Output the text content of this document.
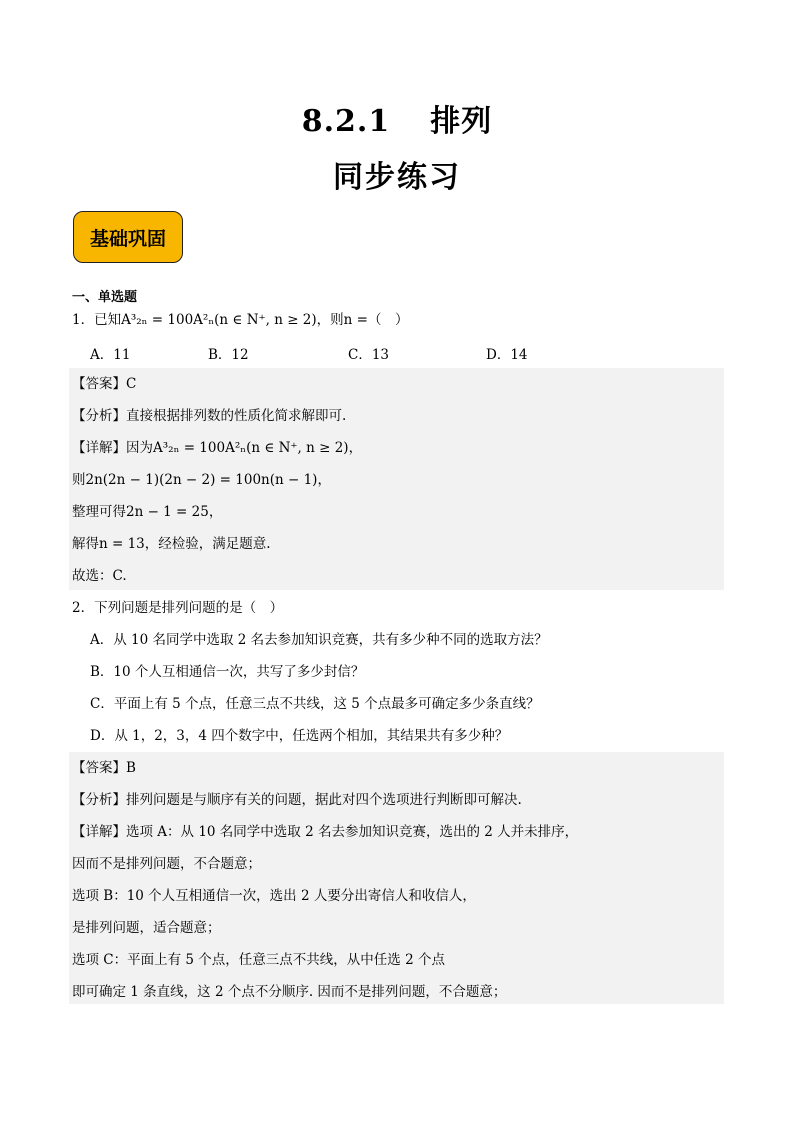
8.2.1 排列
同步练习
基础巩固
一、单选题
1．已知A³₂ₙ = 100A²ₙ(n ∈ N⁺, n ≥ 2)，则n =（　）
A．11	B．12	C．13	D．14
【答案】C
【分析】直接根据排列数的性质化简求解即可.
【详解】因为A³₂ₙ = 100A²ₙ(n ∈ N⁺, n ≥ 2)，
则2n(2n − 1)(2n − 2) = 100n(n − 1)，
整理可得2n − 1 = 25，
解得n = 13，经检验，满足题意.
故选：C.
2．下列问题是排列问题的是（　）
A．从 10 名同学中选取 2 名去参加知识竞赛，共有多少种不同的选取方法？
B．10 个人互相通信一次，共写了多少封信？
C．平面上有 5 个点，任意三点不共线，这 5 个点最多可确定多少条直线？
D．从 1，2，3，4 四个数字中，任选两个相加，其结果共有多少种？
【答案】B
【分析】排列问题是与顺序有关的问题，据此对四个选项进行判断即可解决.
【详解】选项 A：从 10 名同学中选取 2 名去参加知识竞赛，选出的 2 人并未排序，
因而不是排列问题，不合题意；
选项 B：10 个人互相通信一次，选出 2 人要分出寄信人和收信人，
是排列问题，适合题意；
选项 C：平面上有 5 个点，任意三点不共线，从中任选 2 个点
即可确定 1 条直线，这 2 个点不分顺序. 因而不是排列问题，不合题意；
